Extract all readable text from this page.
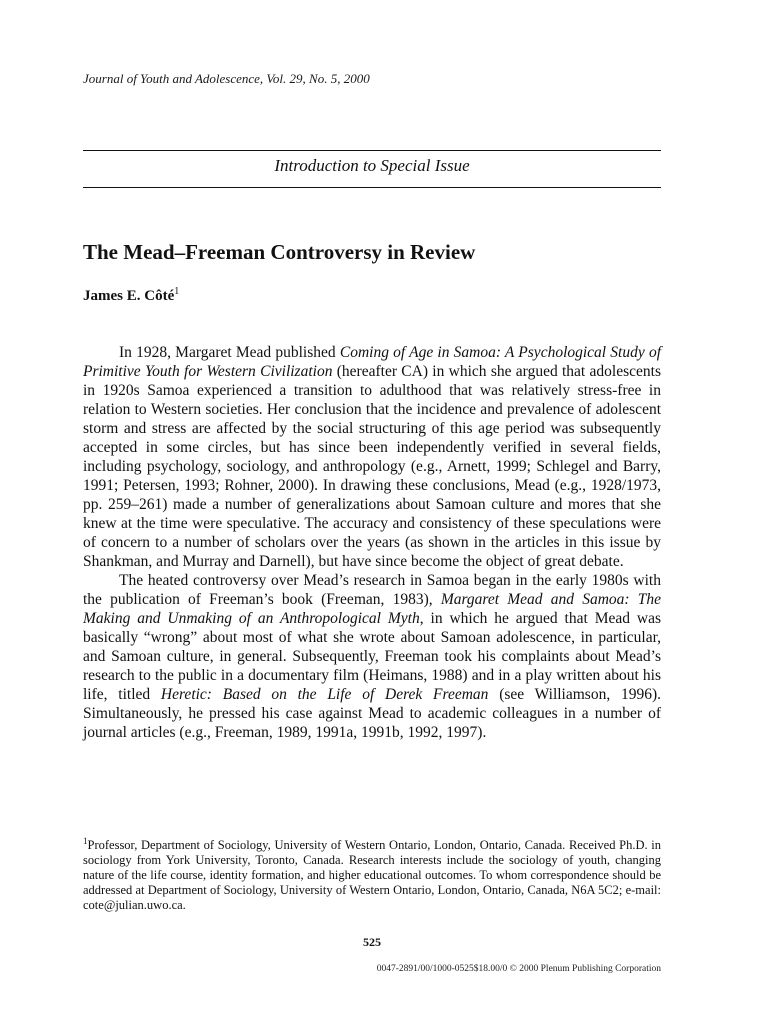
Journal of Youth and Adolescence, Vol. 29, No. 5, 2000
Introduction to Special Issue
The Mead–Freeman Controversy in Review
James E. Côté$^1$

In 1928, Margaret Mead published Coming of Age in Samoa: A Psychological Study of Primitive Youth for Western Civilization (hereafter CA) in which she argued that adolescents in 1920s Samoa experienced a transition to adulthood that was relatively stress-free in relation to Western societies. Her conclusion that the incidence and prevalence of adolescent storm and stress are affected by the social structuring of this age period was subsequently accepted in some circles, but has since been independently verified in several fields, including psychology, sociology, and anthropology (e.g., Arnett, 1999; Schlegel and Barry, 1991; Petersen, 1993; Rohner, 2000). In drawing these conclusions, Mead (e.g., 1928/1973, pp. 259–261) made a number of generalizations about Samoan culture and mores that she knew at the time were speculative. The accuracy and consistency of these speculations were of concern to a number of scholars over the years (as shown in the articles in this issue by Shankman, and Murray and Darnell), but have since become the object of great debate.

The heated controversy over Mead’s research in Samoa began in the early 1980s with the publication of Freeman’s book (Freeman, 1983), Margaret Mead and Samoa: The Making and Unmaking of an Anthropological Myth, in which he argued that Mead was basically “wrong” about most of what she wrote about Samoan adolescence, in particular, and Samoan culture, in general. Subsequently, Freeman took his complaints about Mead’s research to the public in a documentary film (Heimans, 1988) and in a play written about his life, titled Heretic: Based on the Life of Derek Freeman (see Williamson, 1996). Simultaneously, he pressed his case against Mead to academic colleagues in a number of journal articles (e.g., Freeman, 1989, 1991a, 1991b, 1992, 1997).

$^1$Professor, Department of Sociology, University of Western Ontario, London, Ontario, Canada. Received Ph.D. in sociology from York University, Toronto, Canada. Research interests include the sociology of youth, changing nature of the life course, identity formation, and higher educational outcomes. To whom correspondence should be addressed at Department of Sociology, University of Western Ontario, London, Ontario, Canada, N6A 5C2; e-mail: cote@julian.uwo.ca.
525
0047-2891/00/1000-0525$18.00/0 © 2000 Plenum Publishing Corporation
